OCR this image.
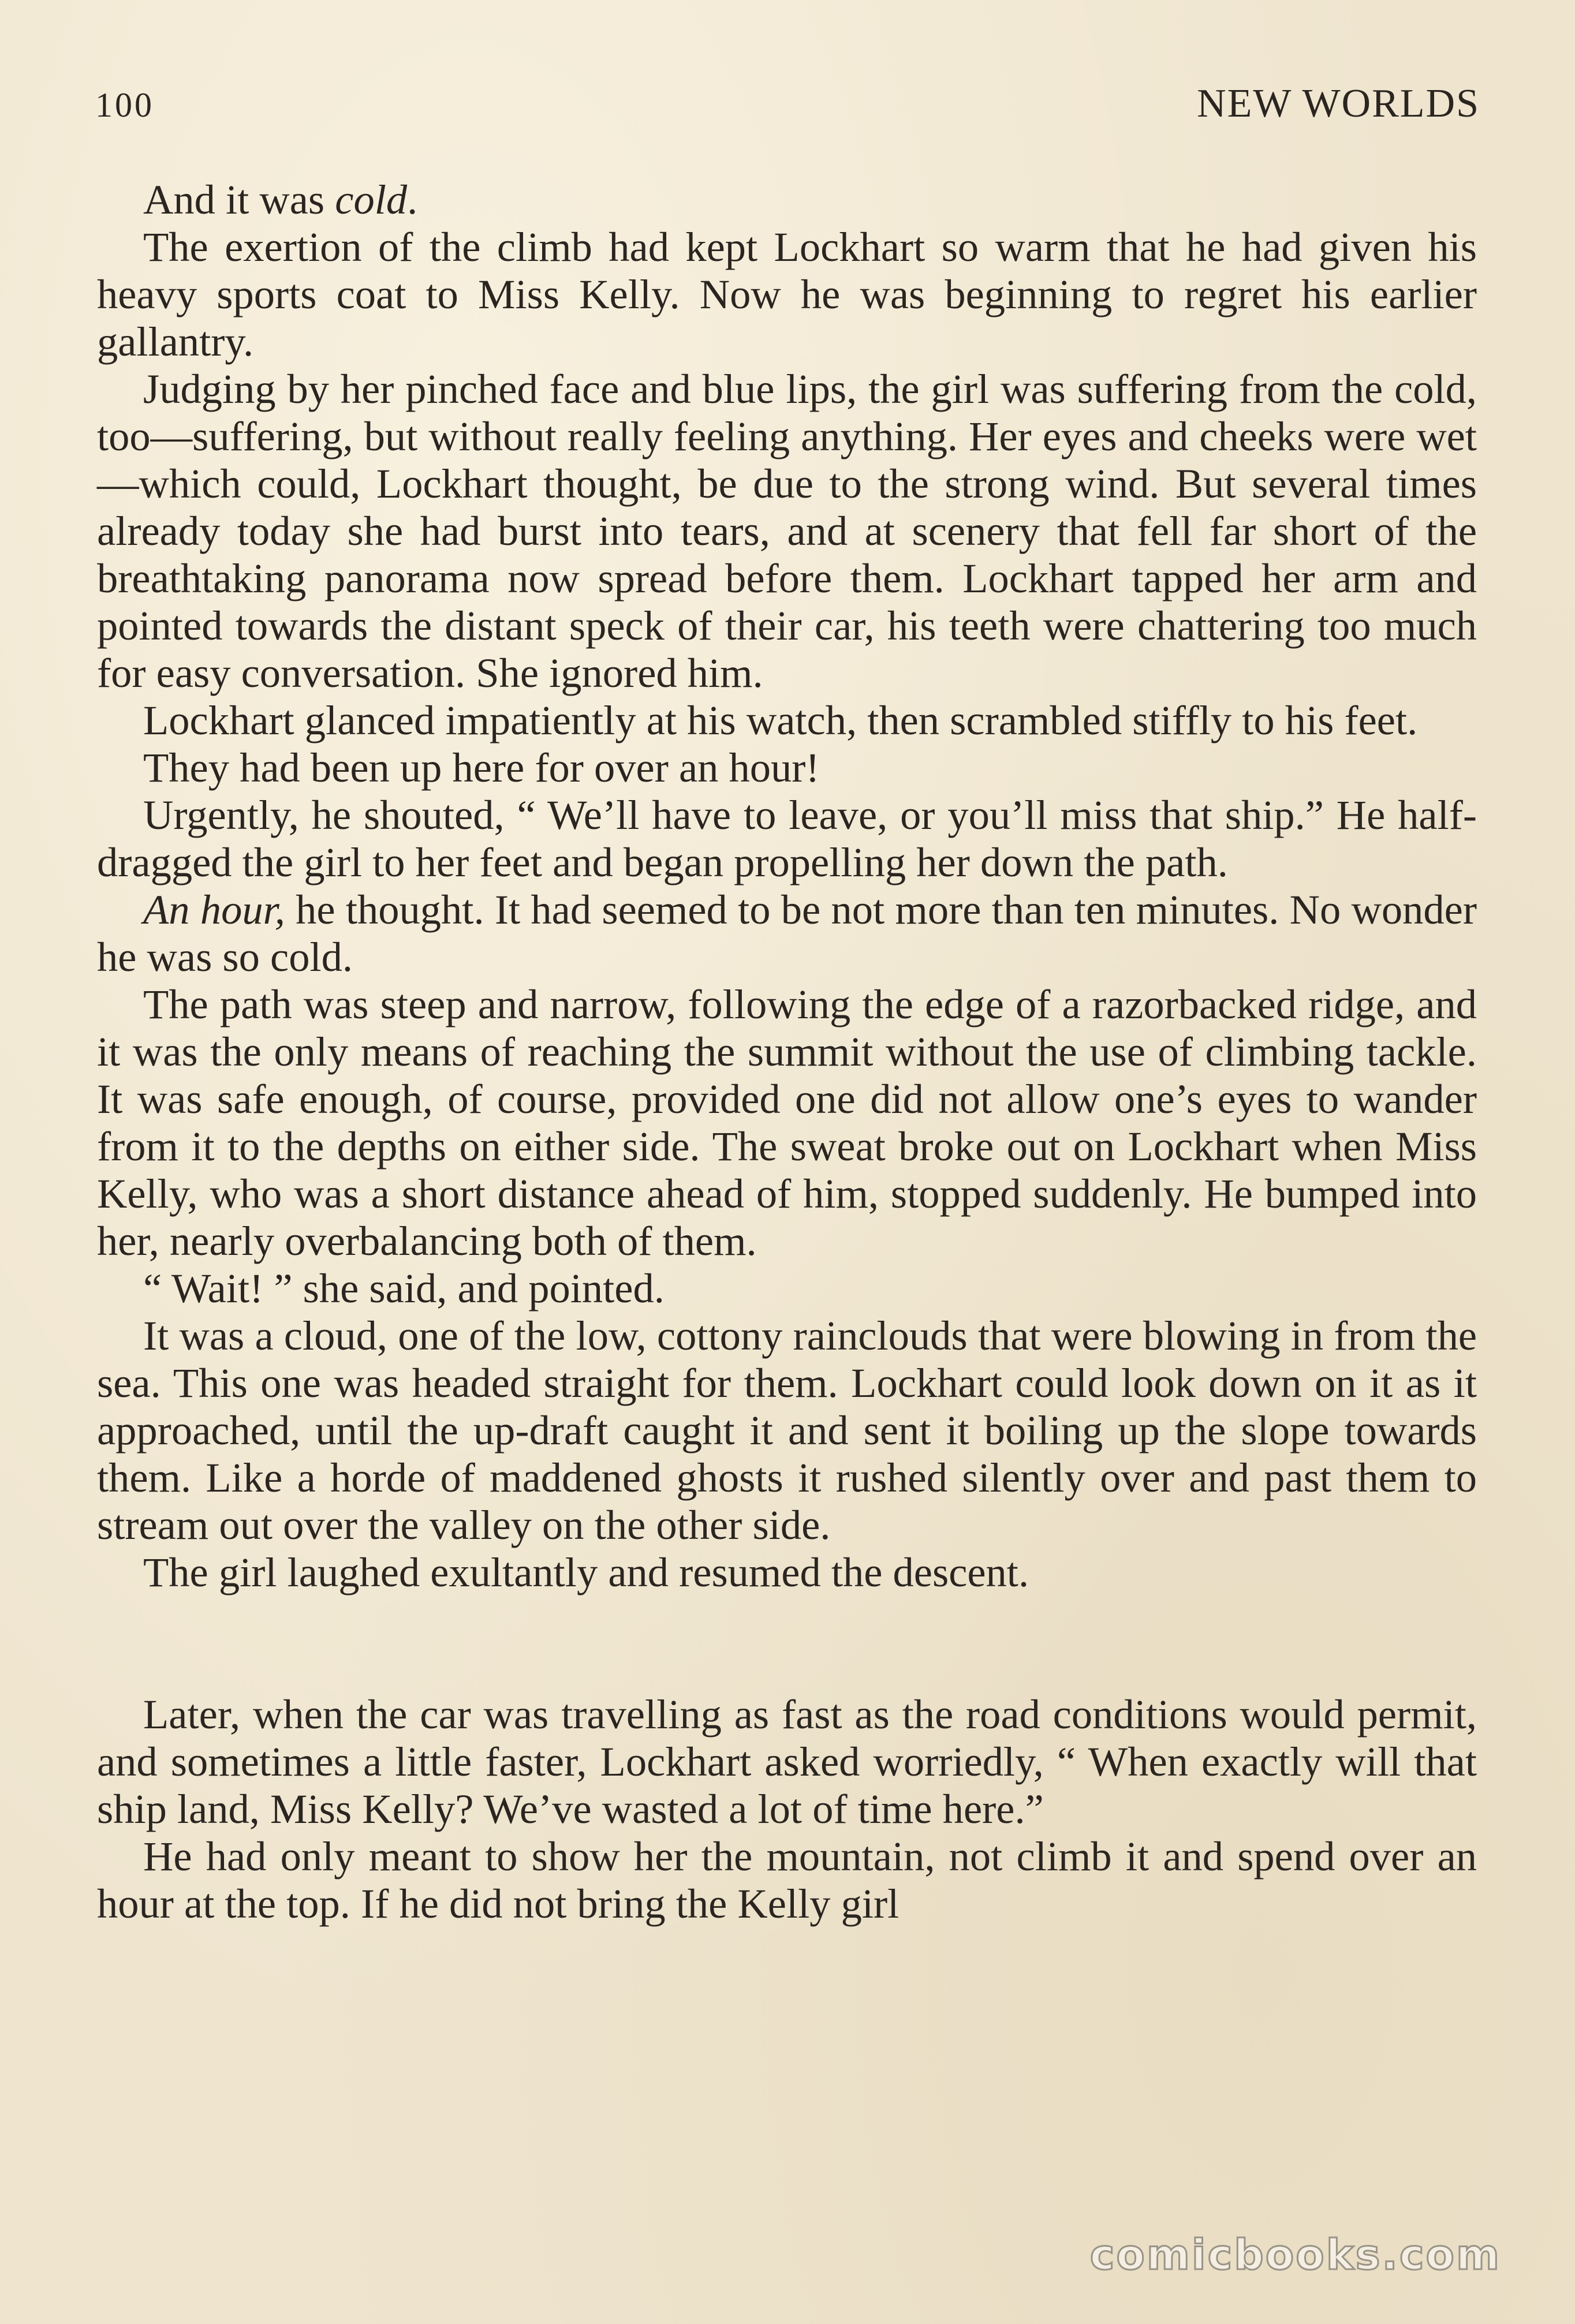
100	NEW WORLDS

And it was cold.

The exertion of the climb had kept Lockhart so warm that he had given his heavy sports coat to Miss Kelly. Now he was beginning to regret his earlier gallantry.

Judging by her pinched face and blue lips, the girl was suffering from the cold, too—suffering, but without really feeling anything. Her eyes and cheeks were wet—which could, Lockhart thought, be due to the strong wind. But several times already today she had burst into tears, and at scenery that fell far short of the breathtaking panorama now spread before them. Lockhart tapped her arm and pointed towards the distant speck of their car, his teeth were chattering too much for easy conversation. She ignored him.

Lockhart glanced impatiently at his watch, then scrambled stiffly to his feet.

They had been up here for over an hour!

Urgently, he shouted, “ We’ll have to leave, or you’ll miss that ship.” He half-dragged the girl to her feet and began propelling her down the path.

An hour, he thought. It had seemed to be not more than ten minutes. No wonder he was so cold.

The path was steep and narrow, following the edge of a razorbacked ridge, and it was the only means of reaching the summit without the use of climbing tackle. It was safe enough, of course, provided one did not allow one’s eyes to wander from it to the depths on either side. The sweat broke out on Lockhart when Miss Kelly, who was a short distance ahead of him, stopped suddenly. He bumped into her, nearly overbalancing both of them.

“ Wait! ” she said, and pointed.

It was a cloud, one of the low, cottony rainclouds that were blowing in from the sea. This one was headed straight for them. Lockhart could look down on it as it approached, until the up-draft caught it and sent it boiling up the slope towards them. Like a horde of maddened ghosts it rushed silently over and past them to stream out over the valley on the other side.

The girl laughed exultantly and resumed the descent.

Later, when the car was travelling as fast as the road conditions would permit, and sometimes a little faster, Lockhart asked worriedly, “ When exactly will that ship land, Miss Kelly? We’ve wasted a lot of time here.”

He had only meant to show her the mountain, not climb it and spend over an hour at the top. If he did not bring the Kelly girl

comicbooks.com
